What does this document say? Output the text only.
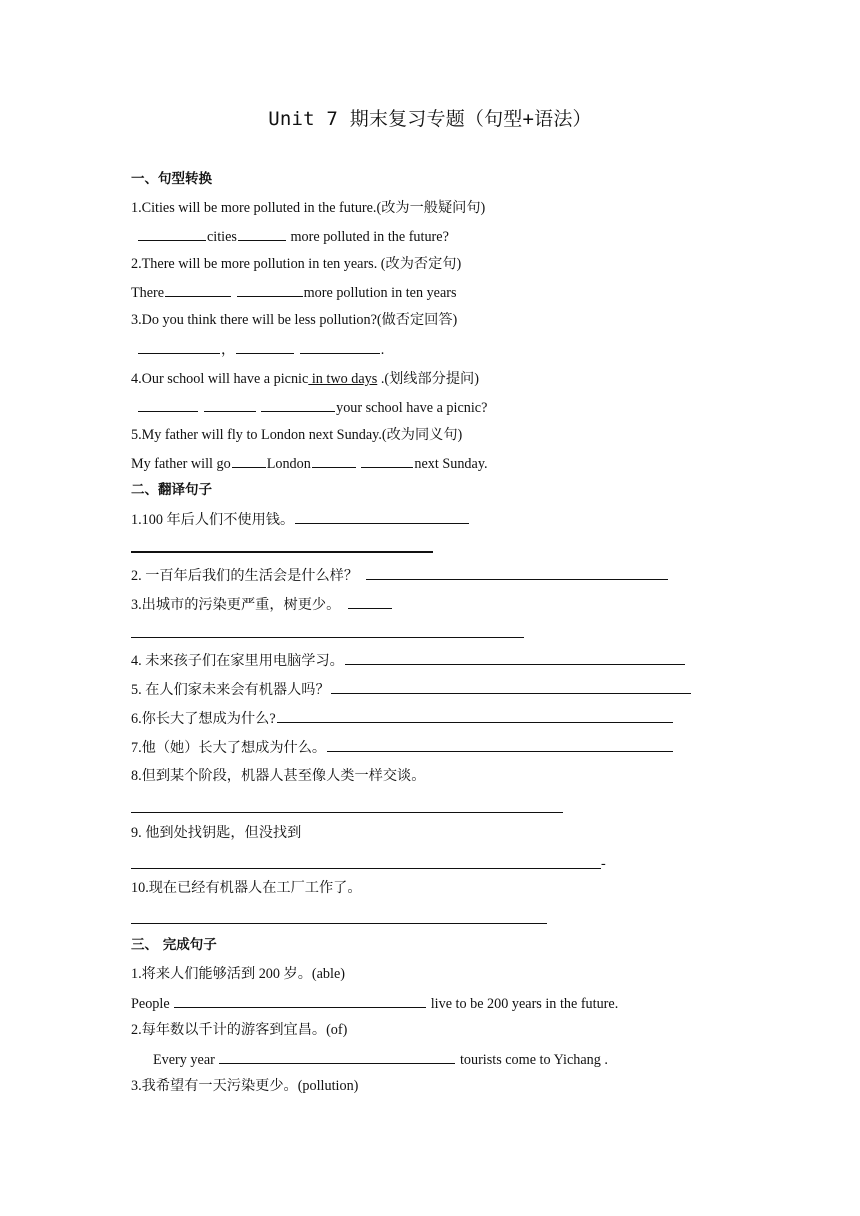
Unit 7 期末复习专题（句型+语法）
一、句型转换
1.Cities will be more polluted in the future.(改为一般疑问句)
cities	more polluted in the future?
2.There will be more pollution in ten years. (改为否定句)
There	more pollution in ten years
3.Do you think there will be less pollution?(做否定回答)
，	.
4.Our school will have a picnic in two days .(划线部分提问)
your school have a picnic?
5.My father will fly to London next Sunday.(改为同义句)
My father will go	London	next Sunday.
二、翻译句子
1.100 年后人们不使用钱。
2. 一百年后我们的生活会是什么样？
3.出城市的污染更严重，树更少。
4. 未来孩子们在家里用电脑学习。
5. 在人们家未来会有机器人吗？
6.你长大了想成为什么?
7.他（她）长大了想成为什么。
8.但到某个阶段，机器人甚至像人类一样交谈。
9. 他到处找钥匙，但没找到
-
10.现在已经有机器人在工厂工作了。
三、 完成句子
1.将来人们能够活到 200 岁。(able)
People	live to be 200 years in the future.
2.每年数以千计的游客到宜昌。(of)
Every year	tourists come to Yichang .
3.我希望有一天污染更少。(pollution)
